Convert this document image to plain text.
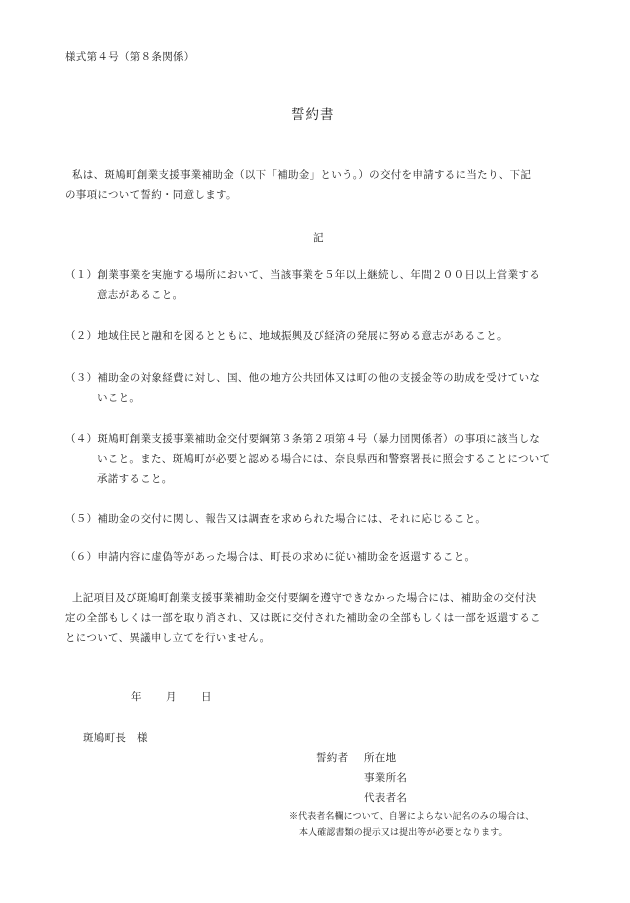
様式第４号（第８条関係）
誓約書
私は、斑鳩町創業支援事業補助金（以下「補助金」という。）の交付を申請するに当たり、下記
の事項について誓約・同意します。
記
（１）創業事業を実施する場所において、当該事業を５年以上継続し、年間２００日以上営業する
意志があること。
（２）地域住民と融和を図るとともに、地域振興及び経済の発展に努める意志があること。
（３）補助金の対象経費に対し、国、他の地方公共団体又は町の他の支援金等の助成を受けていな
いこと。
（４）斑鳩町創業支援事業補助金交付要綱第３条第２項第４号（暴力団関係者）の事項に該当しな
いこと。また、斑鳩町が必要と認める場合には、奈良県西和警察署長に照会することについて
承諾すること。
（５）補助金の交付に関し、報告又は調査を求められた場合には、それに応じること。
（６）申請内容に虚偽等があった場合は、町長の求めに従い補助金を返還すること。
上記項目及び斑鳩町創業支援事業補助金交付要綱を遵守できなかった場合には、補助金の交付決
定の全部もしくは一部を取り消され、又は既に交付された補助金の全部もしくは一部を返還するこ
とについて、異議申し立てを行いません。
年 月 日
斑鳩町長　様
誓約者 所在地
事業所名
代表者名
※代表者名欄について、自署によらない記名のみの場合は、
本人確認書類の提示又は提出等が必要となります。
